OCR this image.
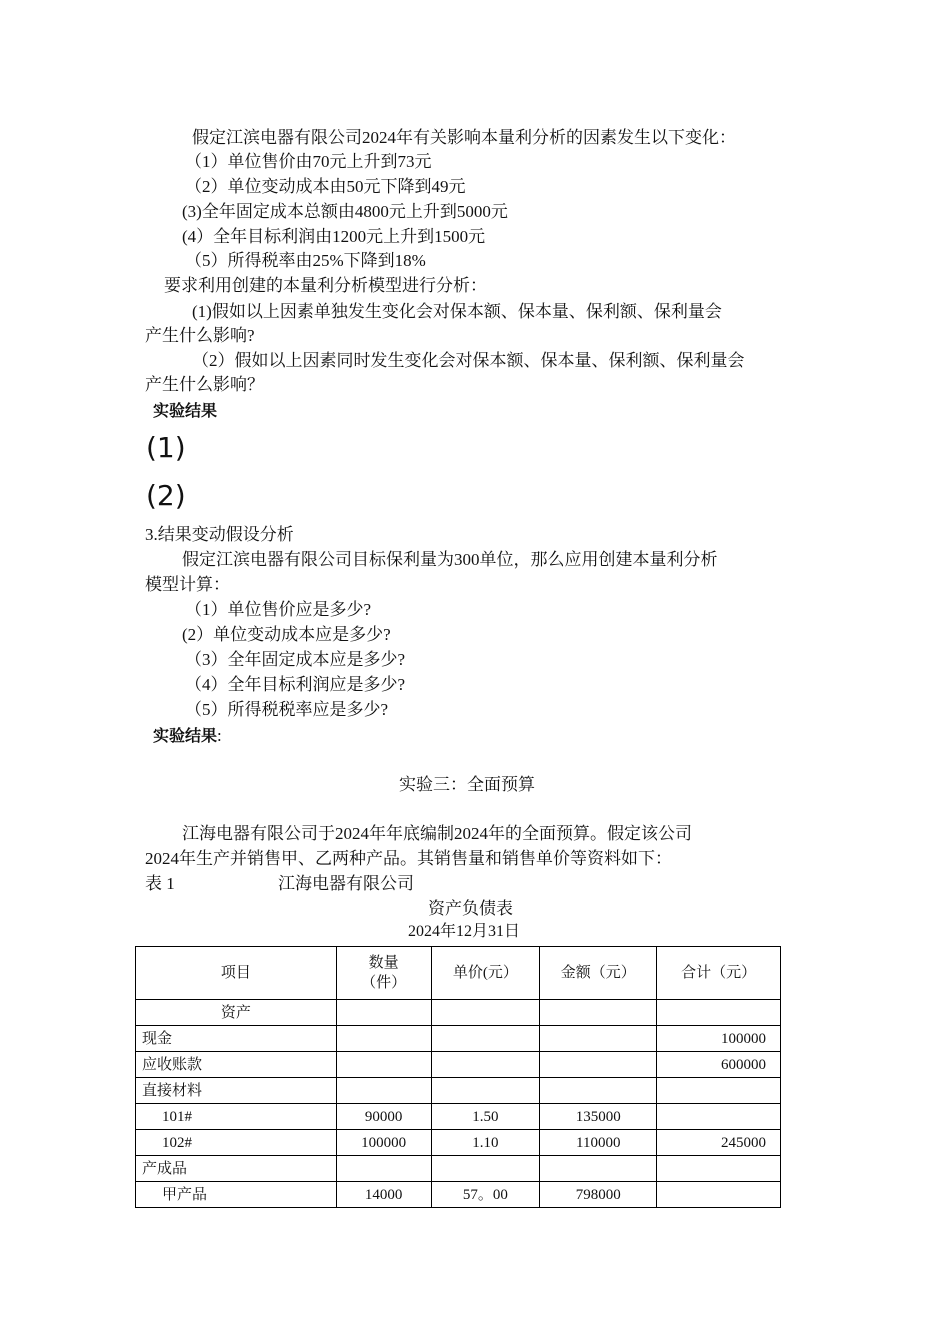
假定江滨电器有限公司2024年有关影响本量利分析的因素发生以下变化：
（1）单位售价由70元上升到73元
（2）单位变动成本由50元下降到49元
(3)全年固定成本总额由4800元上升到5000元
(4）全年目标利润由1200元上升到1500元
（5）所得税率由25%下降到18%
要求利用创建的本量利分析模型进行分析：
(1)假如以上因素单独发生变化会对保本额、保本量、保利额、保利量会
产生什么影响?
（2）假如以上因素同时发生变化会对保本额、保本量、保利额、保利量会
产生什么影响？
实验结果
(1)
(2)
3.结果变动假设分析
假定江滨电器有限公司目标保利量为300单位，那么应用创建本量利分析
模型计算：
（1）单位售价应是多少?
(2）单位变动成本应是多少?
（3）全年固定成本应是多少?
（4）全年目标利润应是多少?
（5）所得税税率应是多少?
实验结果:
实验三：全面预算
江海电器有限公司于2024年年底编制2024年的全面预算。假定该公司
2024年生产并销售甲、乙两种产品。其销售量和销售单价等资料如下：
表 1	江海电器有限公司
资产负债表
2024年12月31日
项目	数量
（件）	单价(元）	金额（元）	合计（元）
资产				
现金				100000
应收账款				600000
直接材料				
101#	90000	1.50	135000	
102#	100000	1.10	110000	245000
产成品				
甲产品	14000	57。00	798000	
